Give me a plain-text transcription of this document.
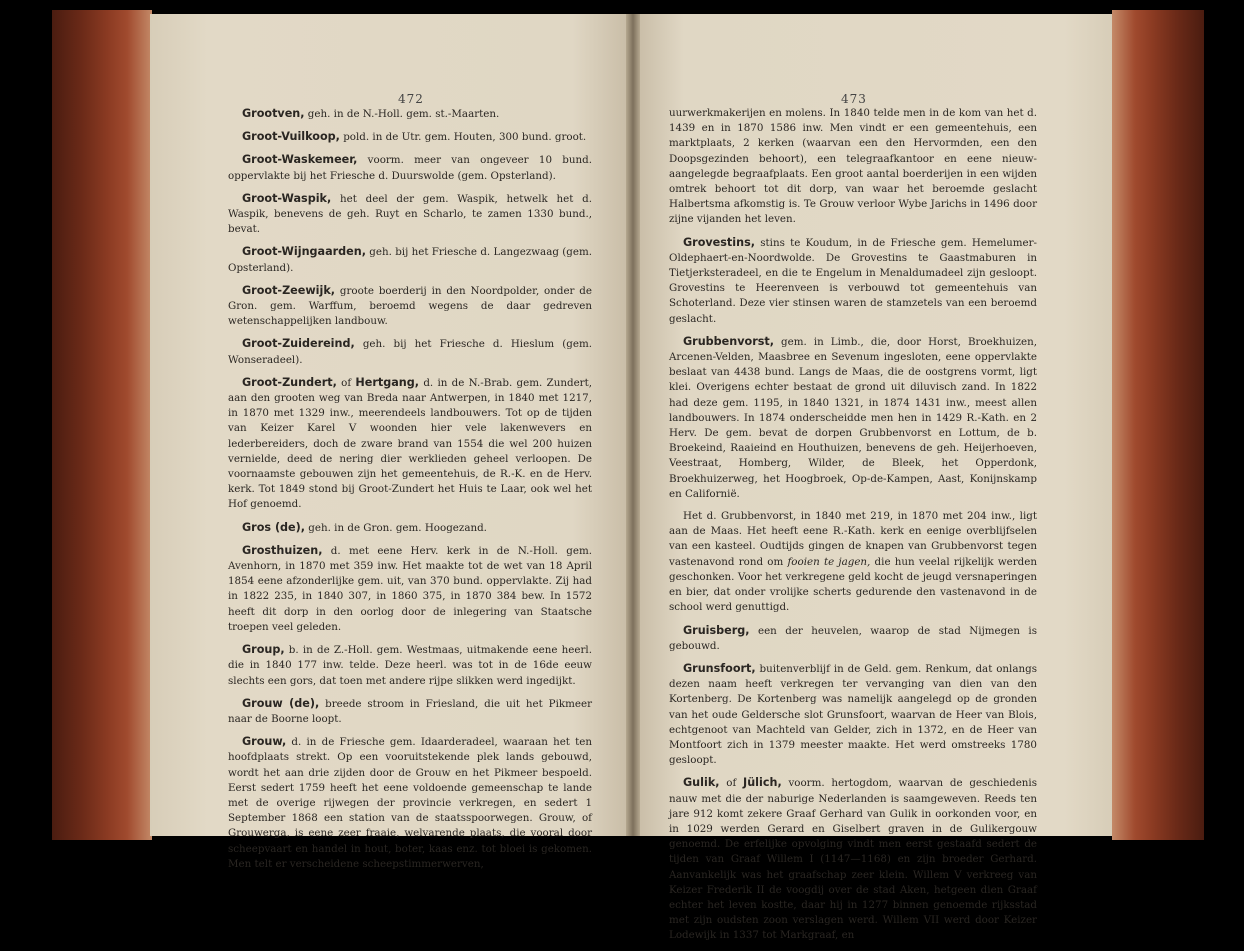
472

Grootven, geh. in de N.-Holl. gem. st.-Maarten.

Groot-Vuilkoop, pold. in de Utr. gem. Houten, 300 bund. groot.

Groot-Waskemeer, voorm. meer van ongeveer 10 bund. oppervlakte bij het Friesche d. Duurswolde (gem. Opsterland).

Groot-Waspik, het deel der gem. Waspik, hetwelk het d. Waspik, benevens de geh. Ruyt en Scharlo, te zamen 1330 bund., bevat.

Groot-Wijngaarden, geh. bij het Friesche d. Langezwaag (gem. Opsterland).

Groot-Zeewijk, groote boerderij in den Noordpolder, onder de Gron. gem. Warffum, beroemd wegens de daar gedreven wetenschappelijken landbouw.

Groot-Zuidereind, geh. bij het Friesche d. Hieslum (gem. Wonseradeel).

Groot-Zundert, of Hertgang, d. in de N.-Brab. gem. Zundert, aan den grooten weg van Breda naar Antwerpen, in 1840 met 1217, in 1870 met 1329 inw., meerendeels landbouwers. Tot op de tijden van Keizer Karel V woonden hier vele lakenwevers en lederbereiders, doch de zware brand van 1554 die wel 200 huizen vernielde, deed de nering dier werklieden geheel verloopen. De voornaamste gebouwen zijn het gemeentehuis, de R.-K. en de Herv. kerk. Tot 1849 stond bij Groot-Zundert het Huis te Laar, ook wel het Hof genoemd.

Gros (de), geh. in de Gron. gem. Hoogezand.

Grosthuizen, d. met eene Herv. kerk in de N.-Holl. gem. Avenhorn, in 1870 met 359 inw. Het maakte tot de wet van 18 April 1854 eene afzonderlijke gem. uit, van 370 bund. oppervlakte. Zij had in 1822 235, in 1840 307, in 1860 375, in 1870 384 bew. In 1572 heeft dit dorp in den oorlog door de inlegering van Staatsche troepen veel geleden.

Group, b. in de Z.-Holl. gem. Westmaas, uitmakende eene heerl. die in 1840 177 inw. telde. Deze heerl. was tot in de 16de eeuw slechts een gors, dat toen met andere rijpe slikken werd ingedijkt.

Grouw (de), breede stroom in Friesland, die uit het Pikmeer naar de Boorne loopt.

Grouw, d. in de Friesche gem. Idaarderadeel, waaraan het ten hoofdplaats strekt. Op een vooruitstekende plek lands gebouwd, wordt het aan drie zijden door de Grouw en het Pikmeer bespoeld. Eerst sedert 1759 heeft het eene voldoende gemeenschap te lande met de overige rijwegen der provincie verkregen, en sedert 1 September 1868 een station van de staatsspoorwegen. Grouw, of Grouwerga, is eene zeer fraaie, welvarende plaats, die vooral door scheepvaart en handel in hout, boter, kaas enz. tot bloei is gekomen. Men telt er verscheidene scheepstimmerwerven,

473

uurwerkmakerijen en molens. In 1840 telde men in de kom van het d. 1439 en in 1870 1586 inw. Men vindt er een gemeentehuis, een marktplaats, 2 kerken (waarvan een den Hervormden, een den Doopsgezinden behoort), een telegraafkantoor en eene nieuw-aangelegde begraafplaats. Een groot aantal boerderijen in een wijden omtrek behoort tot dit dorp, van waar het beroemde geslacht Halbertsma afkomstig is. Te Grouw verloor Wybe Jarichs in 1496 door zijne vijanden het leven.

Grovestins, stins te Koudum, in de Friesche gem. Hemelumer-Oldephaert-en-Noordwolde. De Grovestins te Gaastmaburen in Tietjerksteradeel, en die te Engelum in Menaldumadeel zijn gesloopt. Grovestins te Heerenveen is verbouwd tot gemeentehuis van Schoterland. Deze vier stinsen waren de stamzetels van een beroemd geslacht.

Grubbenvorst, gem. in Limb., die, door Horst, Broekhuizen, Arcenen-Velden, Maasbree en Sevenum ingesloten, eene oppervlakte beslaat van 4438 bund. Langs de Maas, die de oostgrens vormt, ligt klei. Overigens echter bestaat de grond uit diluvisch zand. In 1822 had deze gem. 1195, in 1840 1321, in 1874 1431 inw., meest allen landbouwers. In 1874 onderscheidde men hen in 1429 R.-Kath. en 2 Herv. De gem. bevat de dorpen Grubbenvorst en Lottum, de b. Broekeind, Raaieind en Houthuizen, benevens de geh. Heijerhoeven, Veestraat, Homberg, Wilder, de Bleek, het Opperdonk, Broekhuizerweg, het Hoogbroek, Op-de-Kampen, Aast, Konijnskamp en Californië.

Het d. Grubbenvorst, in 1840 met 219, in 1870 met 204 inw., ligt aan de Maas. Het heeft eene R.-Kath. kerk en eenige overblijfselen van een kasteel. Oudtijds gingen de knapen van Grubbenvorst tegen vastenavond rond om fooien te jagen, die hun veelal rijkelijk werden geschonken. Voor het verkregene geld kocht de jeugd versnaperingen en bier, dat onder vrolijke scherts gedurende den vastenavond in de school werd genuttigd.

Gruisberg, een der heuvelen, waarop de stad Nijmegen is gebouwd.

Grunsfoort, buitenverblijf in de Geld. gem. Renkum, dat onlangs dezen naam heeft verkregen ter vervanging van dien van den Kortenberg. De Kortenberg was namelijk aangelegd op de gronden van het oude Geldersche slot Grunsfoort, waarvan de Heer van Blois, echtgenoot van Machteld van Gelder, zich in 1372, en de Heer van Montfoort zich in 1379 meester maakte. Het werd omstreeks 1780 gesloopt.

Gulik, of Jülich, voorm. hertogdom, waarvan de geschiedenis nauw met die der naburige Nederlanden is saamgeweven. Reeds ten jare 912 komt zekere Graaf Gerhard van Gulik in oorkonden voor, en in 1029 werden Gerard en Giselbert graven in de Gulikergouw genoemd. De erfelijke opvolging vindt men eerst gestaafd sedert de tijden van Graaf Willem I (1147—1168) en zijn broeder Gerhard. Aanvankelijk was het graafschap zeer klein. Willem V verkreeg van Keizer Frederik II de voogdij over de stad Aken, hetgeen dien Graaf echter het leven kostte, daar hij in 1277 binnen genoemde rijksstad met zijn oudsten zoon verslagen werd. Willem VII werd door Keizer Lodewijk in 1337 tot Markgraaf, en
